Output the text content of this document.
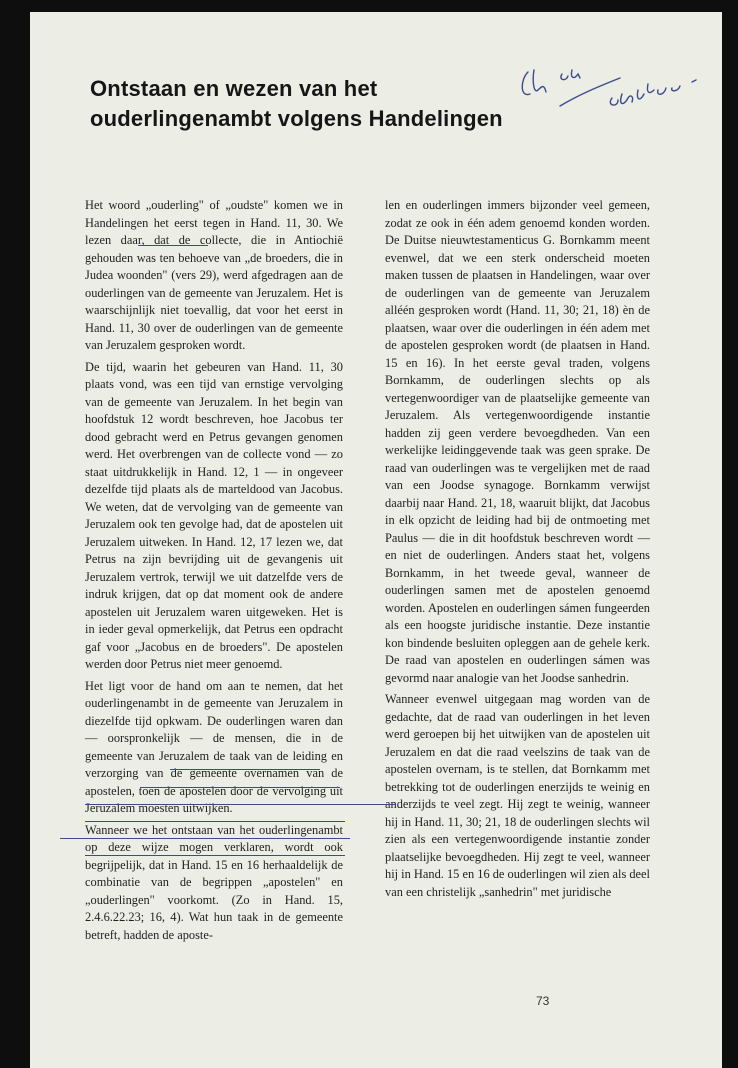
Ontstaan en wezen van het
ouderlingenambt volgens Handelingen

Het woord „ouderling" of „oudste" komen we in Handelingen het eerst tegen in Hand. 11, 30. We lezen daar, dat de collecte, die in Antiochië gehouden was ten behoeve van „de broeders, die in Judea woonden" (vers 29), werd afgedragen aan de ouderlingen van de gemeente van Jeruzalem. Het is waarschijnlijk niet toevallig, dat voor het eerst in Hand. 11, 30 over de ouderlingen van de gemeente van Jeruzalem gesproken wordt.

De tijd, waarin het gebeuren van Hand. 11, 30 plaats vond, was een tijd van ernstige vervolging van de gemeente van Jeruzalem. In het begin van hoofdstuk 12 wordt beschreven, hoe Jacobus ter dood gebracht werd en Petrus gevangen genomen werd. Het overbrengen van de collecte vond — zo staat uitdrukkelijk in Hand. 12, 1 — in ongeveer dezelfde tijd plaats als de marteldood van Jacobus. We weten, dat de vervolging van de gemeente van Jeruzalem ook ten gevolge had, dat de apostelen uit Jeruzalem uitweken. In Hand. 12, 17 lezen we, dat Petrus na zijn bevrijding uit de gevangenis uit Jeruzalem vertrok, terwijl we uit datzelfde vers de indruk krijgen, dat op dat moment ook de andere apostelen uit Jeruzalem waren uitgeweken. Het is in ieder geval opmerkelijk, dat Petrus een opdracht gaf voor „Jacobus en de broeders". De apostelen werden door Petrus niet meer genoemd.

Het ligt voor de hand om aan te nemen, dat het ouderlingenambt in de gemeente van Jeruzalem in diezelfde tijd opkwam. De ouderlingen waren dan — oorspronkelijk — de mensen, die in de gemeente van Jeruzalem de taak van de leiding en verzorging van de gemeente overnamen van de apostelen, toen de apostelen door de vervolging uit Jeruzalem moesten uitwijken.

Wanneer we het ontstaan van het ouderlingenambt op deze wijze mogen verklaren, wordt ook begrijpelijk, dat in Hand. 15 en 16 herhaaldelijk de combinatie van de begrippen „apostelen" en „ouderlingen" voorkomt. (Zo in Hand. 15, 2.4.6.22.23; 16, 4). Wat hun taak in de gemeente betreft, hadden de aposte-

len en ouderlingen immers bijzonder veel gemeen, zodat ze ook in één adem genoemd konden worden. De Duitse nieuwtestamenticus G. Bornkamm meent evenwel, dat we een sterk onderscheid moeten maken tussen de plaatsen in Handelingen, waar over de ouderlingen van de gemeente van Jeruzalem alléén gesproken wordt (Hand. 11, 30; 21, 18) èn de plaatsen, waar over die ouderlingen in één adem met de apostelen gesproken wordt (de plaatsen in Hand. 15 en 16). In het eerste geval traden, volgens Bornkamm, de ouderlingen slechts op als vertegenwoordiger van de plaatselijke gemeente van Jeruzalem. Als vertegenwoordigende instantie hadden zij geen verdere bevoegdheden. Van een werkelijke leidinggevende taak was geen sprake. De raad van ouderlingen was te vergelijken met de raad van een Joodse synagoge. Bornkamm verwijst daarbij naar Hand. 21, 18, waaruit blijkt, dat Jacobus in elk opzicht de leiding had bij de ontmoeting met Paulus — die in dit hoofdstuk beschreven wordt — en niet de ouderlingen. Anders staat het, volgens Bornkamm, in het tweede geval, wanneer de ouderlingen samen met de apostelen genoemd worden. Apostelen en ouderlingen sámen fungeerden als een hoogste juridische instantie. Deze instantie kon bindende besluiten opleggen aan de gehele kerk. De raad van apostelen en ouderlingen sámen was gevormd naar analogie van het Joodse sanhedrin.

Wanneer evenwel uitgegaan mag worden van de gedachte, dat de raad van ouderlingen in het leven werd geroepen bij het uitwijken van de apostelen uit Jeruzalem en dat die raad veelszins de taak van de apostelen overnam, is te stellen, dat Bornkamm met betrekking tot de ouderlingen enerzijds te weinig en anderzijds te veel zegt. Hij zegt te weinig, wanneer hij in Hand. 11, 30; 21, 18 de ouderlingen slechts wil zien als een vertegenwoordigende instantie zonder plaatselijke bevoegdheden. Hij zegt te veel, wanneer hij in Hand. 15 en 16 de ouderlingen wil zien als deel van een christelijk „sanhedrin" met juridische

73
